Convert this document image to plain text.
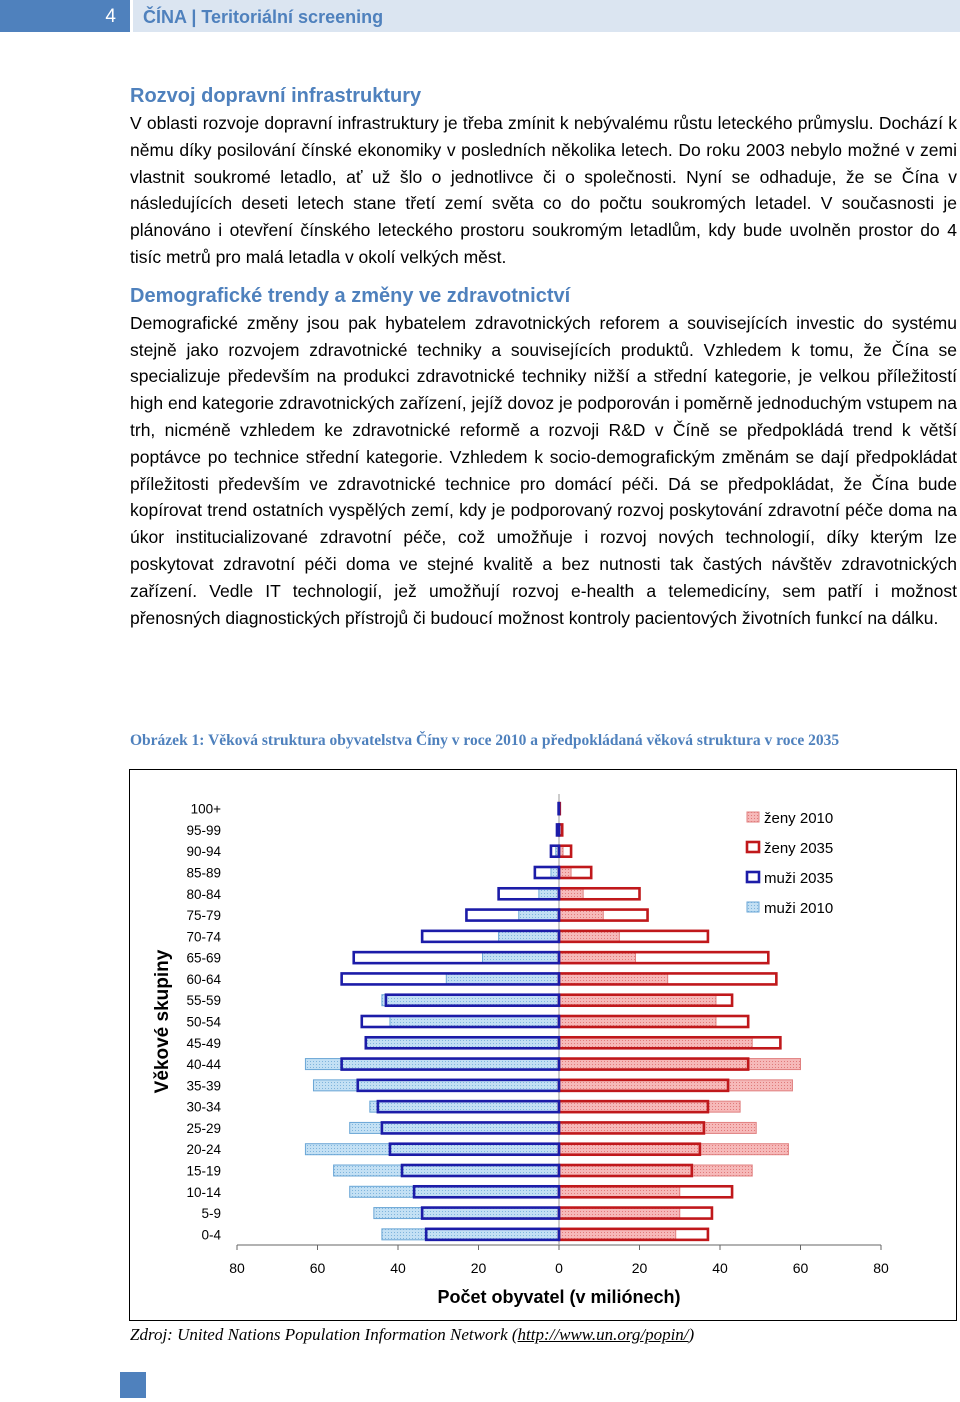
4 ČÍNA | Teritoriální screening
Rozvoj dopravní infrastruktury

V oblasti rozvoje dopravní infrastruktury je třeba zmínit k nebývalému růstu leteckého průmyslu. Dochází k němu díky posilování čínské ekonomiky v posledních několika letech. Do roku 2003 nebylo možné v zemi vlastnit soukromé letadlo, ať už šlo o jednotlivce či o společnosti. Nyní se odhaduje, že se Čína v následujících deseti letech stane třetí zemí světa co do počtu soukromých letadel. V současnosti je plánováno i otevření čínského leteckého prostoru soukromým letadlům, kdy bude uvolněn prostor do 4 tisíc metrů pro malá letadla v okolí velkých měst.

Demografické trendy a změny ve zdravotnictví

Demografické změny jsou pak hybatelem zdravotnických reforem a souvisejících investic do systému stejně jako rozvojem zdravotnické techniky a souvisejících produktů. Vzhledem k tomu, že Čína se specializuje především na produkci zdravotnické techniky nižší a střední kategorie, je velkou příležitostí high end kategorie zdravotnických zařízení, jejíž dovoz je podporován i poměrně jednoduchým vstupem na trh, nicméně vzhledem ke zdravotnické reformě a rozvoji R&D v Číně se předpokládá trend k větší poptávce po technice střední kategorie. Vzhledem k socio-demografickým změnám se dají předpokládat příležitosti především ve zdravotnické technice pro domácí péči. Dá se předpokládat, že Čína bude kopírovat trend ostatních vyspělých zemí, kdy je podporovaný rozvoj poskytování zdravotní péče doma na úkor institucializované zdravotní péče, což umožňuje i rozvoj nových technologií, díky kterým lze poskytovat zdravotní péči doma ve stejné kvalitě a bez nutnosti tak častých návštěv zdravotnických zařízení. Vedle IT technologií, jež umožňují rozvoj e-health a telemedicíny, sem patří i možnost přenosných diagnostických přístrojů či budoucí možnost kontroly pacientových životních funkcí na dálku.

Obrázek 1: Věková struktura obyvatelstva Číny v roce 2010 a předpokládaná věková struktura v roce 2035
Věkové skupiny
0-4
5-9
10-14
15-19
20-24
25-29
30-34
35-39
40-44
45-49
50-54
55-59
60-64
65-69
70-74
75-79
80-84
85-89
90-94
95-99
100+
80	60	40	20	0	20	40	60	80
Počet obyvatel (v miliónech)
ženy 2010
ženy 2035
muži 2035
muži 2010
Zdroj: United Nations Population Information Network (http://www.un.org/popin/)
